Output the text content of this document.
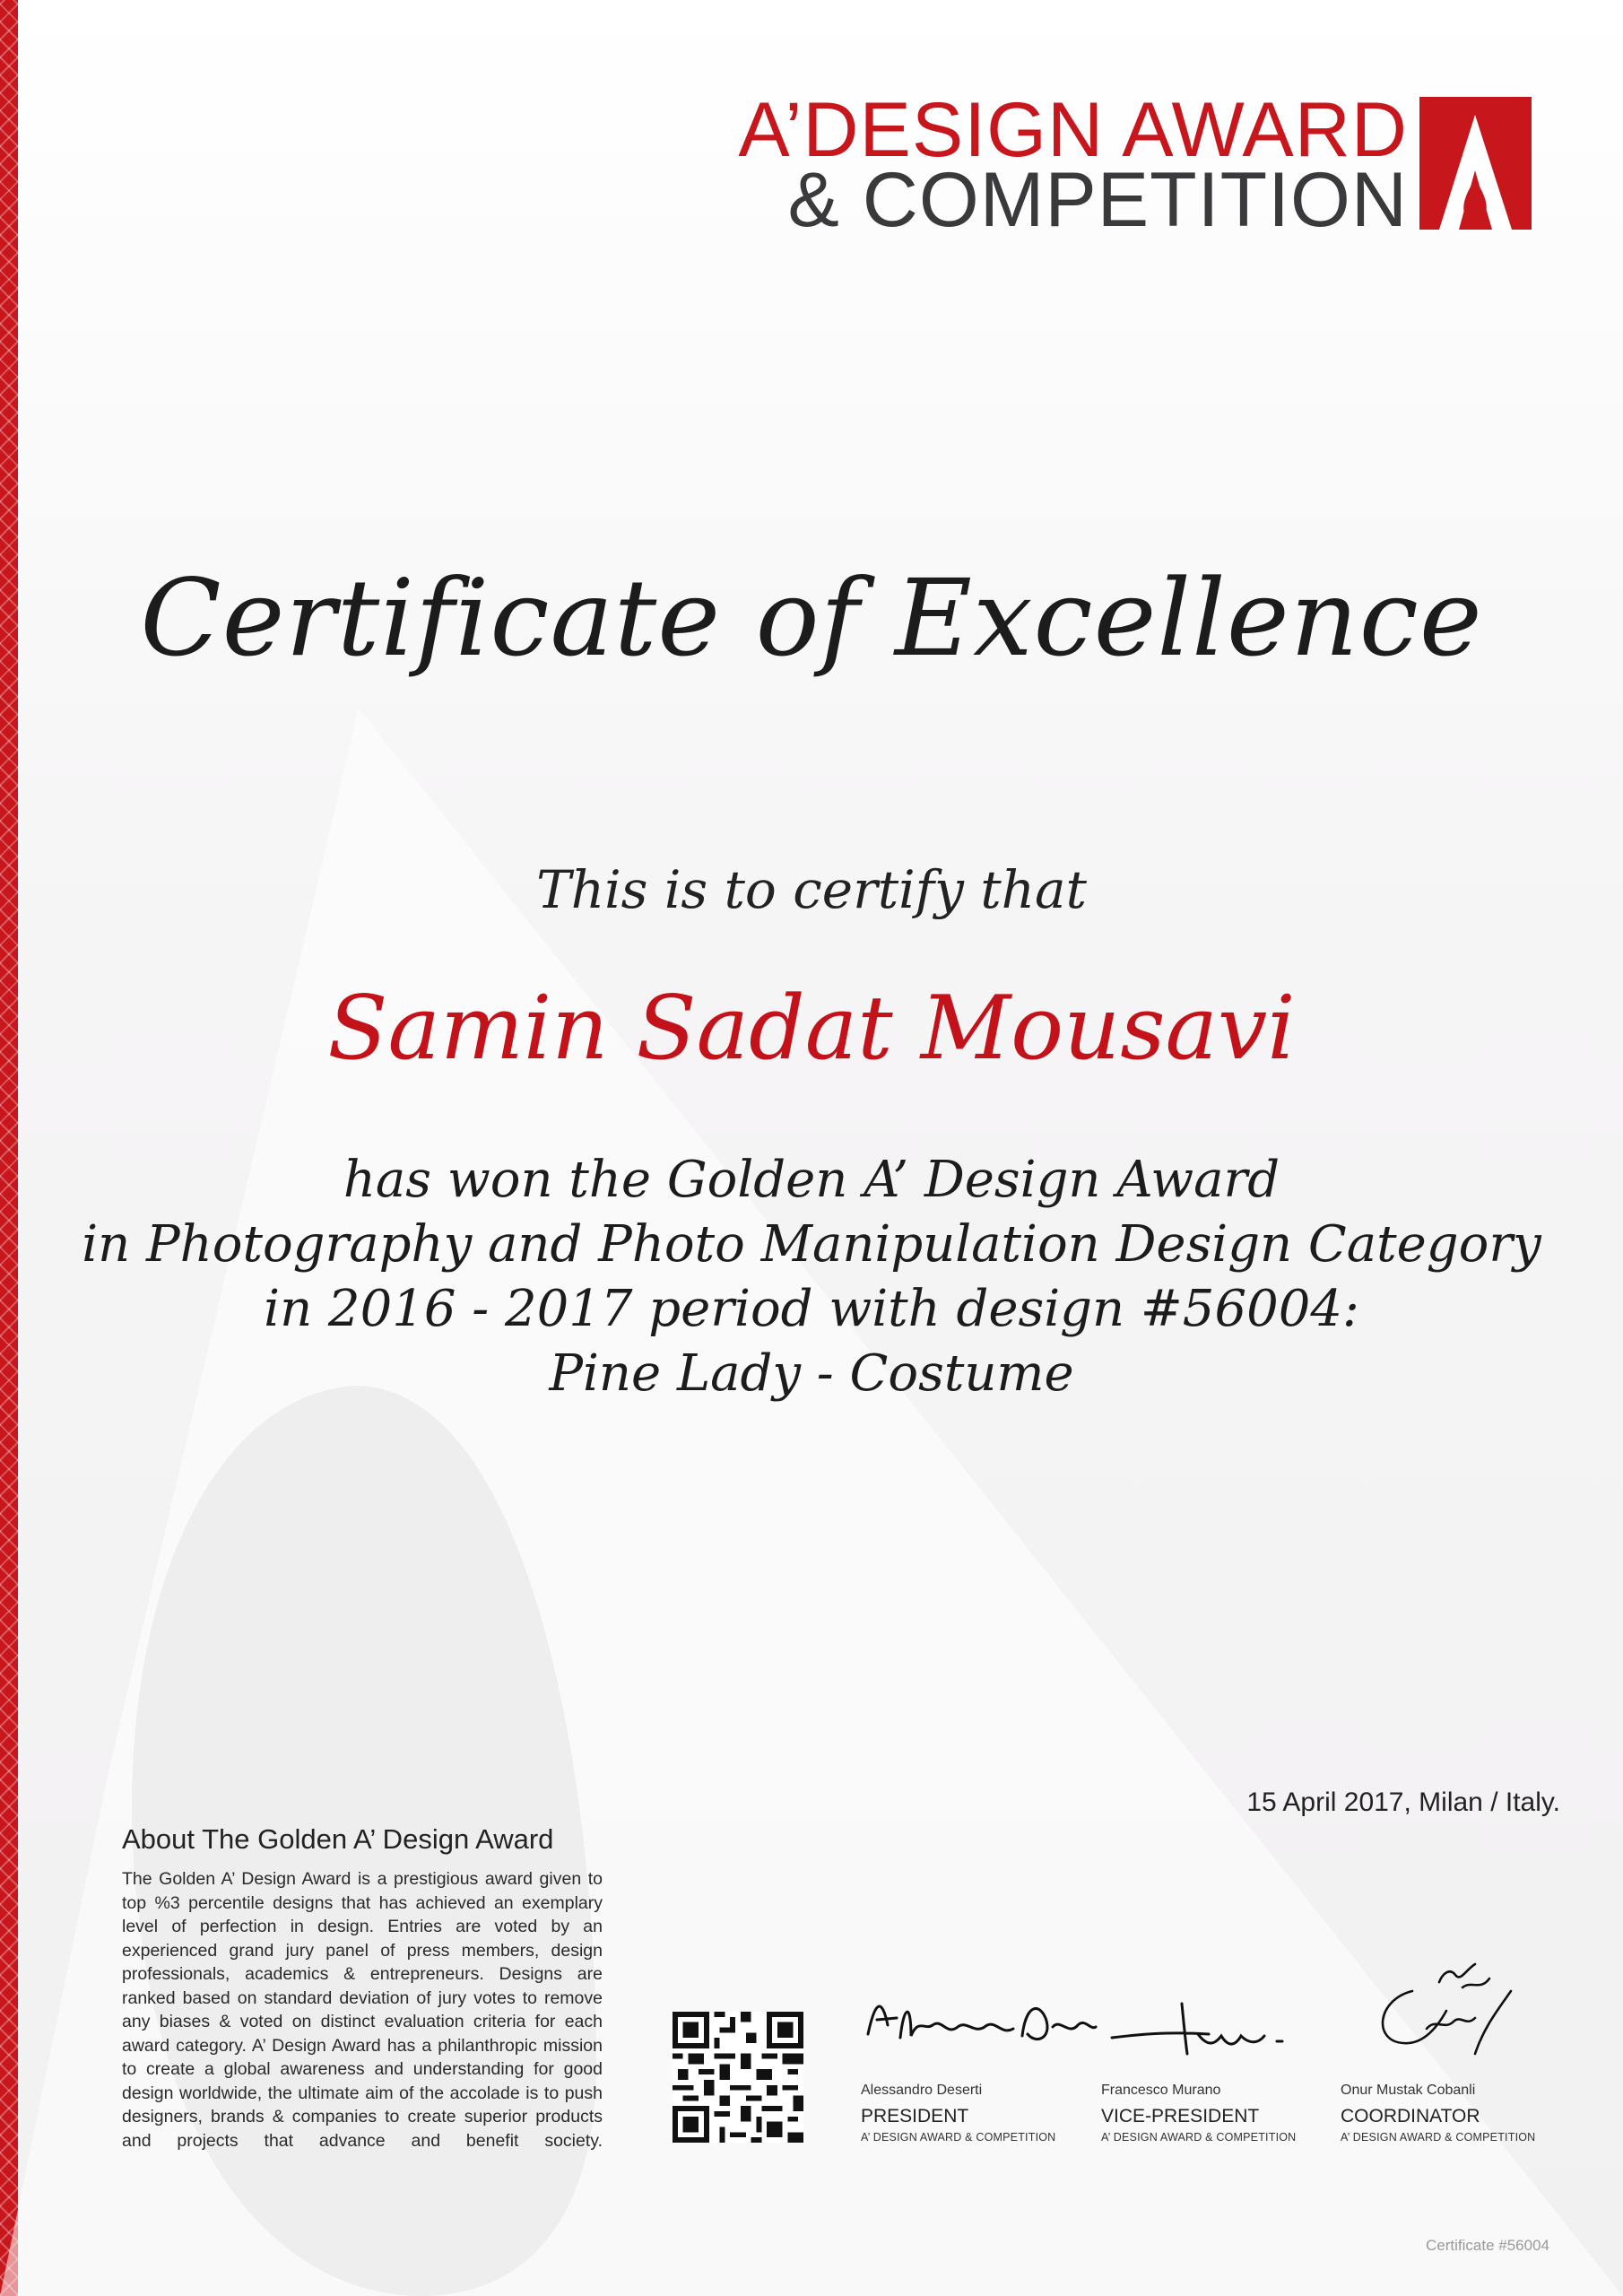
A’DESIGN AWARD
& COMPETITION
Certificate of Excellence
This is to certify that
Samin Sadat Mousavi
has won the Golden A’ Design Award
in Photography and Photo Manipulation Design Category
in 2016 - 2017 period with design #56004:
Pine Lady - Costume
15 April 2017, Milan / Italy.
About The Golden A’ Design Award
The Golden A’ Design Award is a prestigious award given to top %3 percentile designs that has achieved an exemplary level of perfection in design. Entries are voted by an experienced grand jury panel of press members, design professionals, academics & entrepreneurs. Designs are ranked based on standard deviation of jury votes to remove any biases & voted on distinct evaluation criteria for each award category. A’ Design Award has a philanthropic mission to create a global awareness and understanding for good design worldwide, the ultimate aim of the accolade is to push designers, brands & companies to create superior products and projects that advance and benefit society.
Alessandro Deserti
PRESIDENT
A’ DESIGN AWARD & COMPETITION
Francesco Murano
VICE-PRESIDENT
A’ DESIGN AWARD & COMPETITION
Onur Mustak Cobanli
COORDINATOR
A’ DESIGN AWARD & COMPETITION
Certificate #56004
